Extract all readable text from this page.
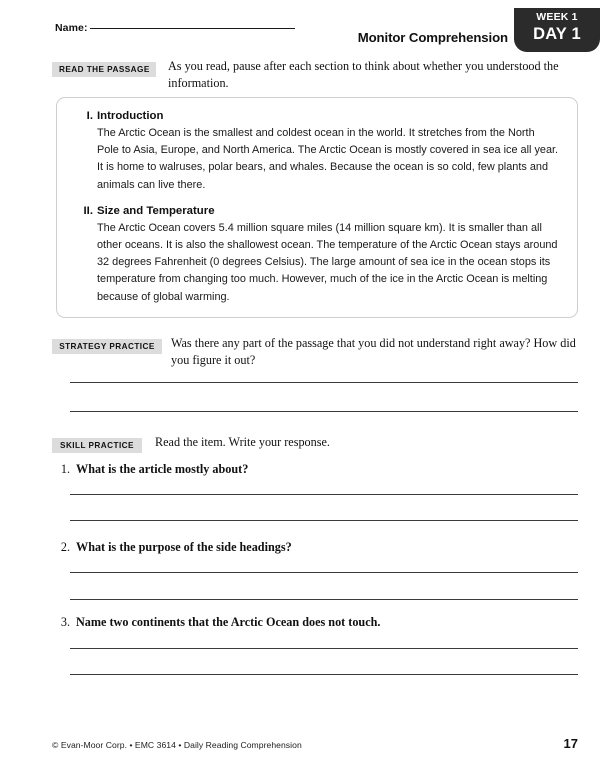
Name:
Monitor Comprehension
WEEK 1
DAY 1
READ THE PASSAGE	As you read, pause after each section to think about whether you understood the information.
I. Introduction
The Arctic Ocean is the smallest and coldest ocean in the world. It stretches from the North Pole to Asia, Europe, and North America. The Arctic Ocean is mostly covered in sea ice all year. It is home to walruses, polar bears, and whales. Because the ocean is so cold, few plants and animals can live there.
II. Size and Temperature
The Arctic Ocean covers 5.4 million square miles (14 million square km). It is smaller than all other oceans. It is also the shallowest ocean. The temperature of the Arctic Ocean stays around 32 degrees Fahrenheit (0 degrees Celsius). The large amount of sea ice in the ocean stops its temperature from changing too much. However, much of the ice in the Arctic Ocean is melting because of global warming.
STRATEGY PRACTICE	Was there any part of the passage that you did not understand right away? How did you figure it out?
SKILL PRACTICE	Read the item. Write your response.
1. What is the article mostly about?
2. What is the purpose of the side headings?
3. Name two continents that the Arctic Ocean does not touch.
© Evan-Moor Corp. • EMC 3614 • Daily Reading Comprehension	17
